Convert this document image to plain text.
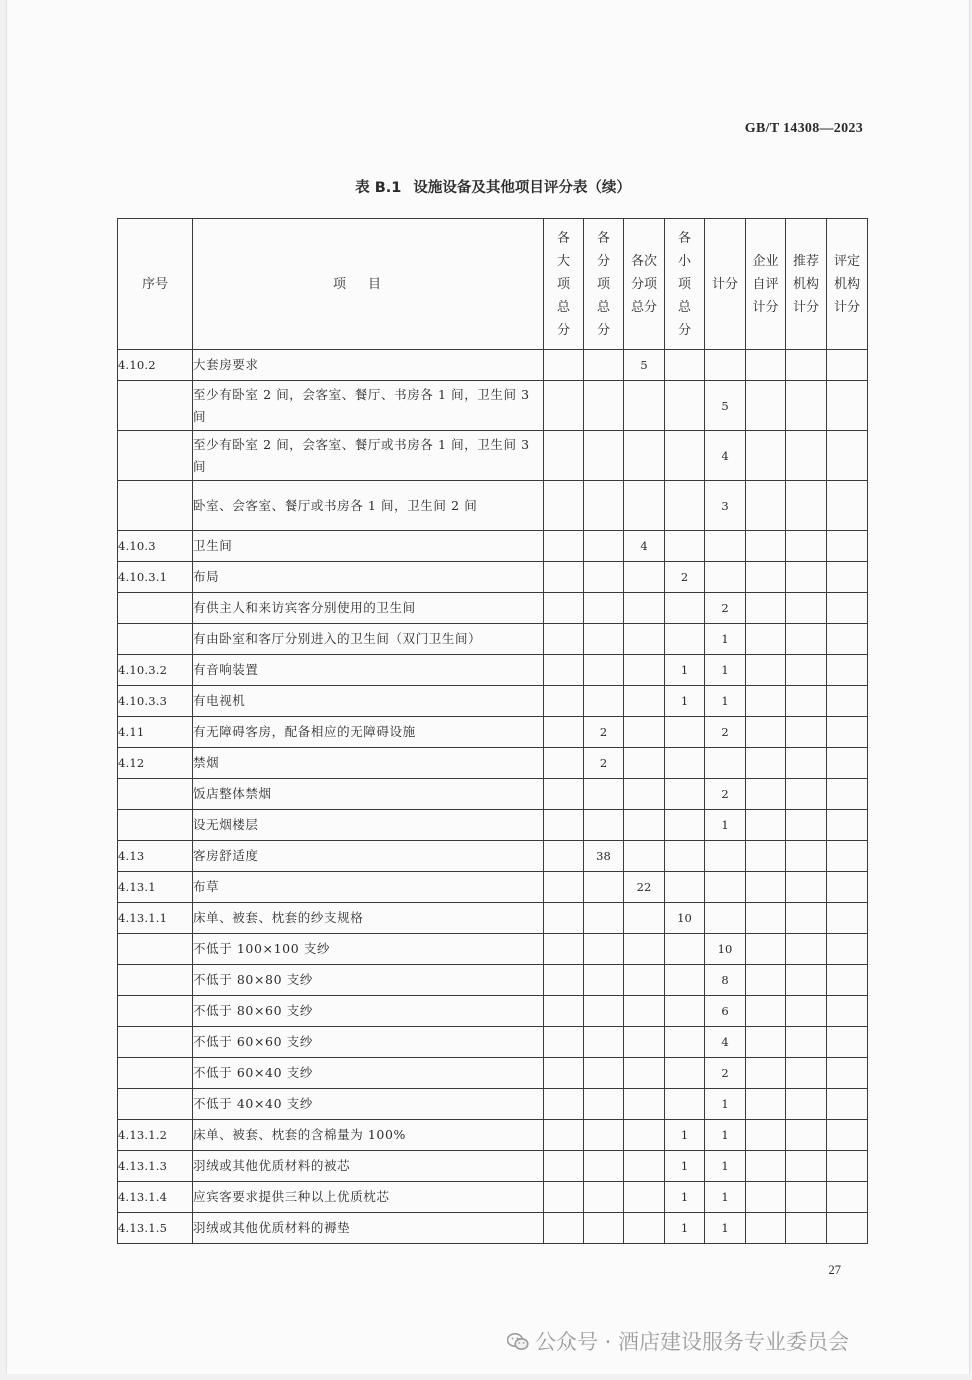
GB/T 14308—2023
表 B.1 设施设备及其他项目评分表（续）
27
序号	项目	各大项总分	各分项总分	各次分项总分	各小项总分	计分	企业自评计分	推荐机构计分	评定机构计分
4.10.2	大套房要求			5					
	至少有卧室 2 间，会客室、餐厅、书房各 1 间，卫生间 3 间					5			
	至少有卧室 2 间，会客室、餐厅或书房各 1 间，卫生间 3 间					4			
	卧室、会客室、餐厅或书房各 1 间，卫生间 2 间					3			
4.10.3	卫生间			4					
4.10.3.1	布局				2				
	有供主人和来访宾客分别使用的卫生间					2			
	有由卧室和客厅分别进入的卫生间（双门卫生间）					1			
4.10.3.2	有音响装置				1	1			
4.10.3.3	有电视机				1	1			
4.11	有无障碍客房，配备相应的无障碍设施		2			2			
4.12	禁烟		2						
	饭店整体禁烟					2			
	设无烟楼层					1			
4.13	客房舒适度		38						
4.13.1	布草			22					
4.13.1.1	床单、被套、枕套的纱支规格				10				
	不低于 100×100 支纱					10			
	不低于 80×80 支纱					8			
	不低于 80×60 支纱					6			
	不低于 60×60 支纱					4			
	不低于 60×40 支纱					2			
	不低于 40×40 支纱					1			
4.13.1.2	床单、被套、枕套的含棉量为 100%				1	1			
4.13.1.3	羽绒或其他优质材料的被芯				1	1			
4.13.1.4	应宾客要求提供三种以上优质枕芯				1	1			
4.13.1.5	羽绒或其他优质材料的褥垫				1	1			
公众号 · 酒店建设服务专业委员会
